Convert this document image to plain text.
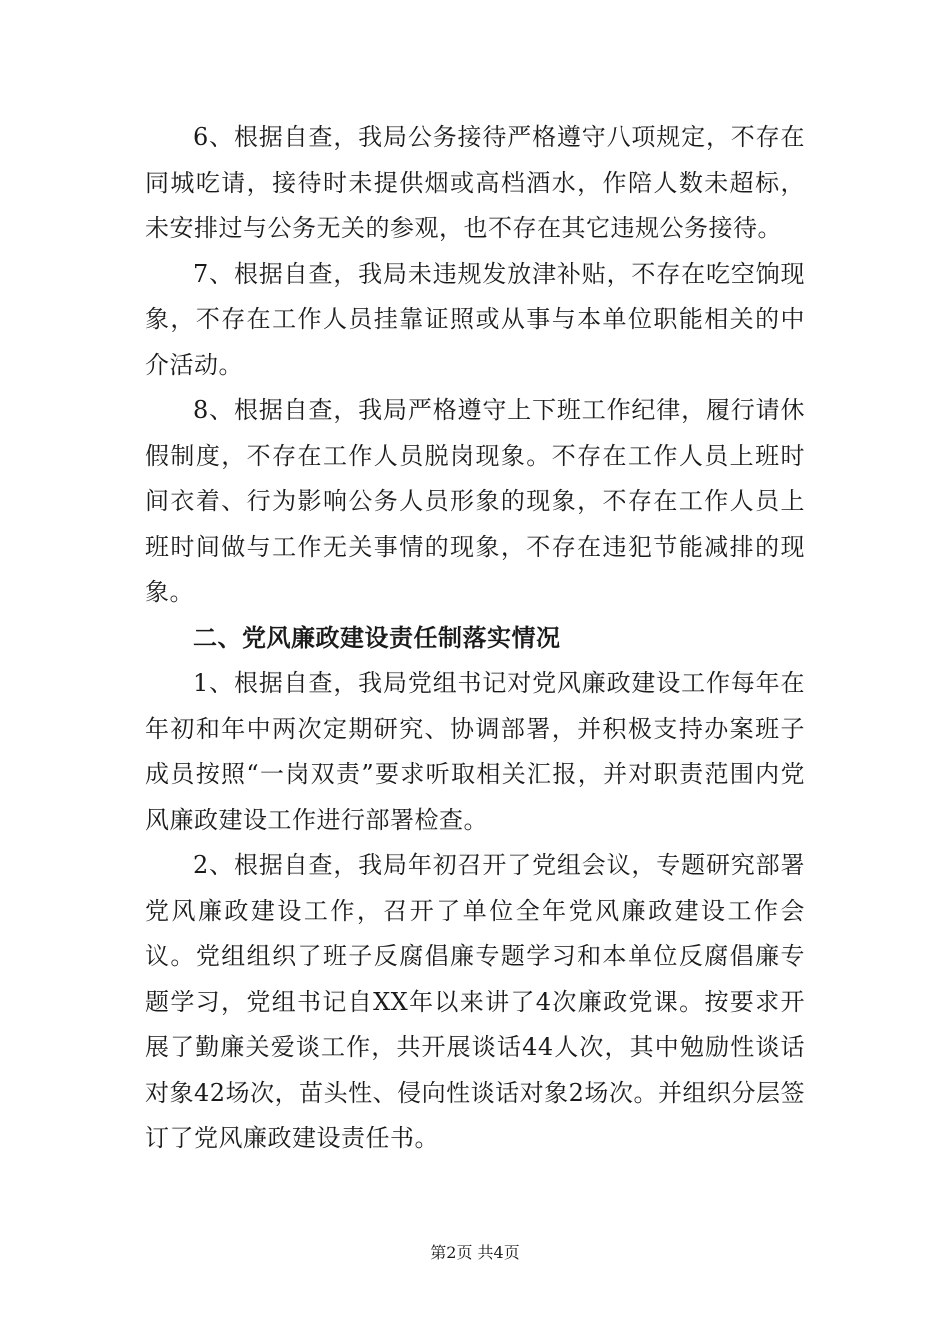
6、根据自查，我局公务接待严格遵守八项规定，不存在同城吃请，接待时未提供烟或高档酒水，作陪人数未超标，未安排过与公务无关的参观，也不存在其它违规公务接待。

7、根据自查，我局未违规发放津补贴，不存在吃空饷现象，不存在工作人员挂靠证照或从事与本单位职能相关的中介活动。

8、根据自查，我局严格遵守上下班工作纪律，履行请休假制度，不存在工作人员脱岗现象。不存在工作人员上班时间衣着、行为影响公务人员形象的现象，不存在工作人员上班时间做与工作无关事情的现象，不存在违犯节能减排的现象。

二、党风廉政建设责任制落实情况

1、根据自查，我局党组书记对党风廉政建设工作每年在年初和年中两次定期研究、协调部署，并积极支持办案班子成员按照“一岗双责”要求听取相关汇报，并对职责范围内党风廉政建设工作进行部署检查。

2、根据自查，我局年初召开了党组会议，专题研究部署党风廉政建设工作，召开了单位全年党风廉政建设工作会议。党组组织了班子反腐倡廉专题学习和本单位反腐倡廉专题学习，党组书记自XX年以来讲了4次廉政党课。按要求开展了勤廉关爱谈工作，共开展谈话44人次，其中勉励性谈话对象42场次，苗头性、侵向性谈话对象2场次。并组织分层签订了党风廉政建设责任书。

第2页 共4页
